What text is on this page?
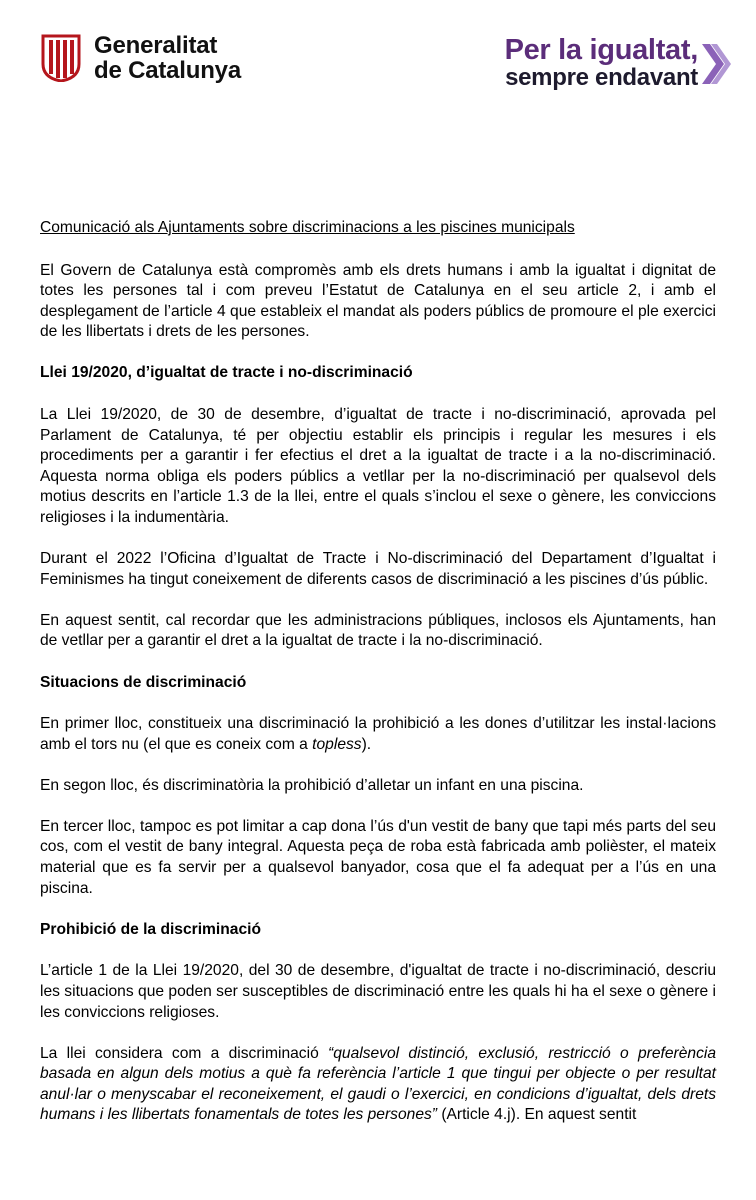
Generalitat
de Catalunya
Per la igualtat,
sempre endavant
Comunicació als Ajuntaments sobre discriminacions a les piscines municipals

El Govern de Catalunya està compromès amb els drets humans i amb la igualtat i dignitat de totes les persones tal i com preveu l’Estatut de Catalunya en el seu article 2, i amb el desplegament de l’article 4 que estableix el mandat als poders públics de promoure el ple exercici de les llibertats i drets de les persones.

Llei 19/2020, d’igualtat de tracte i no-discriminació

La Llei 19/2020, de 30 de desembre, d’igualtat de tracte i no-discriminació, aprovada pel Parlament de Catalunya, té per objectiu establir els principis i regular les mesures i els procediments per a garantir i fer efectius el dret a la igualtat de tracte i a la no-discriminació. Aquesta norma obliga els poders públics a vetllar per la no-discriminació per qualsevol dels motius descrits en l’article 1.3 de la llei, entre el quals s’inclou el sexe o gènere, les conviccions religioses i la indumentària.

Durant el 2022 l’Oficina d’Igualtat de Tracte i No-discriminació del Departament d’Igualtat i Feminismes ha tingut coneixement de diferents casos de discriminació a les piscines d’ús públic.

En aquest sentit, cal recordar que les administracions públiques, inclosos els Ajuntaments, han de vetllar per a garantir el dret a la igualtat de tracte i la no-discriminació.

Situacions de discriminació

En primer lloc, constitueix una discriminació la prohibició a les dones d’utilitzar les instal·lacions amb el tors nu (el que es coneix com a topless).

En segon lloc, és discriminatòria la prohibició d’alletar un infant en una piscina.

En tercer lloc, tampoc es pot limitar a cap dona l’ús d'un vestit de bany que tapi més parts del seu cos, com el vestit de bany integral. Aquesta peça de roba està fabricada amb polièster, el mateix material que es fa servir per a qualsevol banyador, cosa que el fa adequat per a l’ús en una piscina.

Prohibició de la discriminació

L’article 1 de la Llei 19/2020, del 30 de desembre, d'igualtat de tracte i no-discriminació, descriu les situacions que poden ser susceptibles de discriminació entre les quals hi ha el sexe o gènere i les conviccions religioses.

La llei considera com a discriminació “qualsevol distinció, exclusió, restricció o preferència basada en algun dels motius a què fa referència l’article 1 que tingui per objecte o per resultat anul·lar o menyscabar el reconeixement, el gaudi o l’exercici, en condicions d’igualtat, dels drets humans i les llibertats fonamentals de totes les persones” (Article 4.j). En aquest sentit
